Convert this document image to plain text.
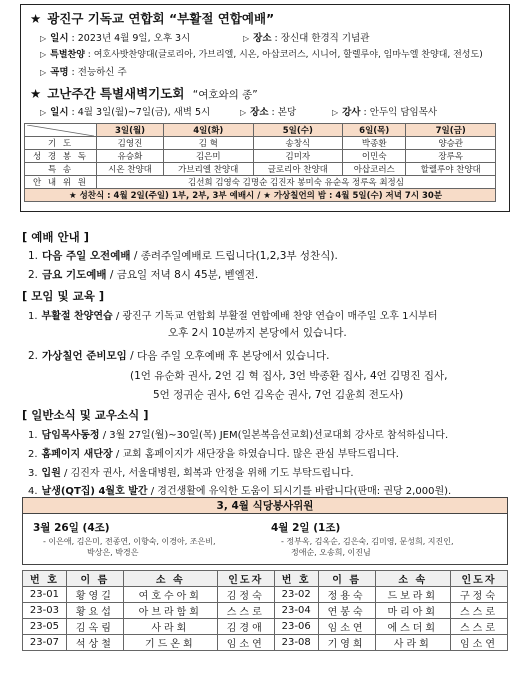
★ 광진구 기독교 연합회 “부활절 연합예배”
▷ 일시 : 2023년 4월 9일, 오후 3시	▷ 장소 : 장신대 한경직 기념관
▷ 특별찬양 : 여호사밧찬양대(글로리아, 가브리엘, 시온, 아삽코러스, 시니어, 할렐루야, 임마누엘 찬양대, 전성도)
▷ 곡명 : 전능하신 주
★ 고난주간 특별새벽기도회 “여호와의 종”
▷ 일시 : 4월 3일(월)~7일(금), 새벽 5시	▷ 장소 : 본당	▷ 강사 : 안두익 담임목사
	3일(월)	4일(화)	5일(수)	6일(목)	7일(금)
기 도	김영진	김 혁	송창식	박종환	양승관
성 경 봉 독	유승화	김은미	김미자	이민숙	장루옥
특 송	시온 찬양대	가브리엘 찬양대	글로리아 찬양대	아삽코러스	할렐루야 찬양대
안 내 위 원	김선희 김영숙 김명순 김진자 봉미숙 유순옥 정루옥 최정심				
★ 성찬식 : 4월 2일(주일) 1부, 2부, 3부 예배시 / ★ 가상칠언의 밤 : 4월 5일(수) 저녁 7시 30분					
[ 예배 안내 ]
1. 다음 주일 오전예배 / 종려주일예배로 드립니다(1,2,3부 성찬식).
2. 금요 기도예배 / 금요일 저녁 8시 45분, 벧엘전.
[ 모임 및 교육 ]
1. 부활절 찬양연습 / 광진구 기독교 연합회 부활절 연합예배 찬양 연습이 매주일 오후 1시부터
오후 2시 10분까지 본당에서 있습니다.
2. 가상칠언 준비모임 / 다음 주일 오후예배 후 본당에서 있습니다.
(1언 유순화 권사, 2언 김 혁 집사, 3언 박종환 집사, 4언 김명진 집사,
5언 정귀순 권사, 6언 김옥순 권사, 7언 김윤희 전도사)
[ 일반소식 및 교우소식 ]
1. 담임목사동정 / 3월 27일(월)~30일(목) JEM(일본복음선교회)선교대회 강사로 참석하십니다.
2. 홈페이지 새단장 / 교회 홈페이지가 새단장을 하였습니다. 많은 관심 부탁드립니다.
3. 입원 / 김진자 권사, 서울대병원, 회복과 안정을 위해 기도 부탁드립니다.
4. 날생(QT집) 4월호 발간 / 경건생활에 유익한 도움이 되시기를 바랍니다(판매: 권당 2,000원).
3, 4월 식당봉사위원
3월 26일 (4조)
- 이은애, 김은미, 전종연, 이향숙, 이경아, 조은비,
박상은, 박경은
4월 2일 (1조)
- 정부옥, 김옥순, 김은숙, 김미영, 문성희, 지진인,
정애순, 오송희, 이진님
번 호	이 름	소 속	인도자	번 호	이 름	소 속	인도자
23-01	황영길	여호수아회	김정숙	23-02	정용숙	드보라회	구정숙
23-03	황요섭	아브라함회	스스로	23-04	연봉숙	마리아회	스스로
23-05	김옥림	사라회	김경애	23-06	임소연	에스더회	스스로
23-07	석상철	기드온회	임소연	23-08	기영희	사라회	임소연
